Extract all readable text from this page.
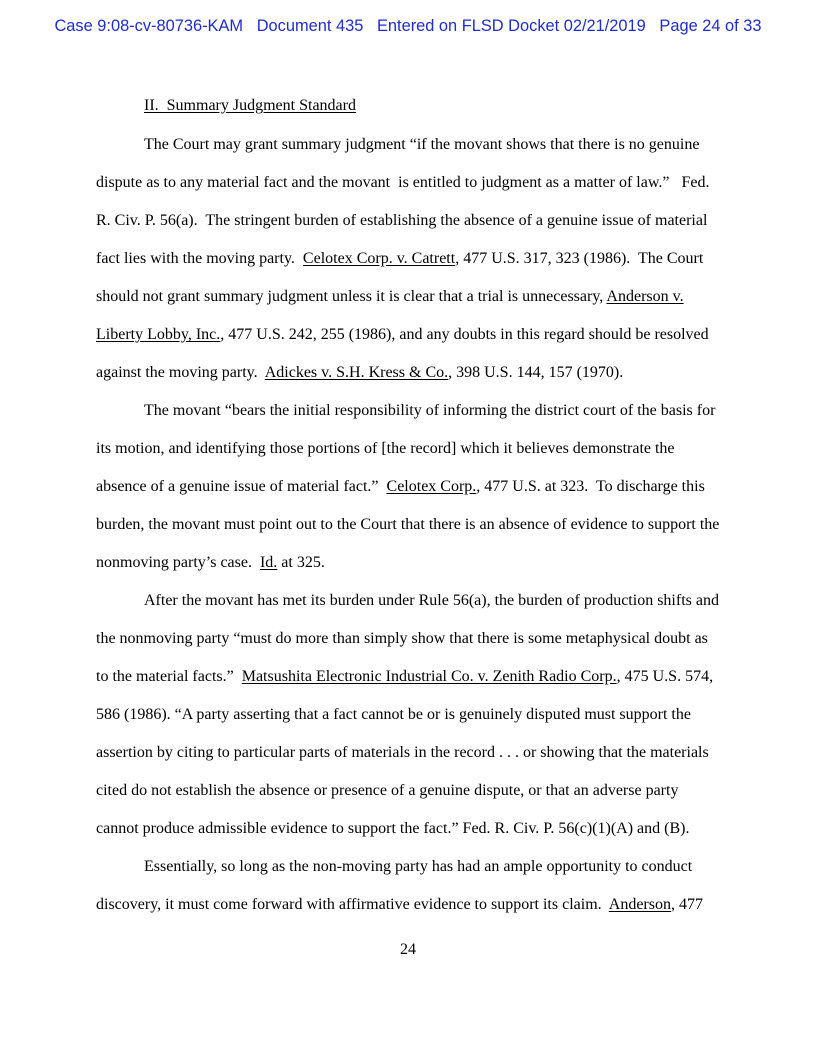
Case 9:08-cv-80736-KAM   Document 435   Entered on FLSD Docket 02/21/2019   Page 24 of 33
II.  Summary Judgment Standard
The Court may grant summary judgment “if the movant shows that there is no genuine
dispute as to any material fact and the movant  is entitled to judgment as a matter of law.”   Fed.
R. Civ. P. 56(a).  The stringent burden of establishing the absence of a genuine issue of material
fact lies with the moving party.  Celotex Corp. v. Catrett, 477 U.S. 317, 323 (1986).  The Court
should not grant summary judgment unless it is clear that a trial is unnecessary, Anderson v.
Liberty Lobby, Inc., 477 U.S. 242, 255 (1986), and any doubts in this regard should be resolved
against the moving party.  Adickes v. S.H. Kress & Co., 398 U.S. 144, 157 (1970).
The movant “bears the initial responsibility of informing the district court of the basis for
its motion, and identifying those portions of [the record] which it believes demonstrate the
absence of a genuine issue of material fact.”  Celotex Corp., 477 U.S. at 323.  To discharge this
burden, the movant must point out to the Court that there is an absence of evidence to support the
nonmoving party’s case.  Id. at 325.
After the movant has met its burden under Rule 56(a), the burden of production shifts and
the nonmoving party “must do more than simply show that there is some metaphysical doubt as
to the material facts.”  Matsushita Electronic Industrial Co. v. Zenith Radio Corp., 475 U.S. 574,
586 (1986). “A party asserting that a fact cannot be or is genuinely disputed must support the
assertion by citing to particular parts of materials in the record . . . or showing that the materials
cited do not establish the absence or presence of a genuine dispute, or that an adverse party
cannot produce admissible evidence to support the fact.” Fed. R. Civ. P. 56(c)(1)(A) and (B).
Essentially, so long as the non-moving party has had an ample opportunity to conduct
discovery, it must come forward with affirmative evidence to support its claim.  Anderson, 477
24
